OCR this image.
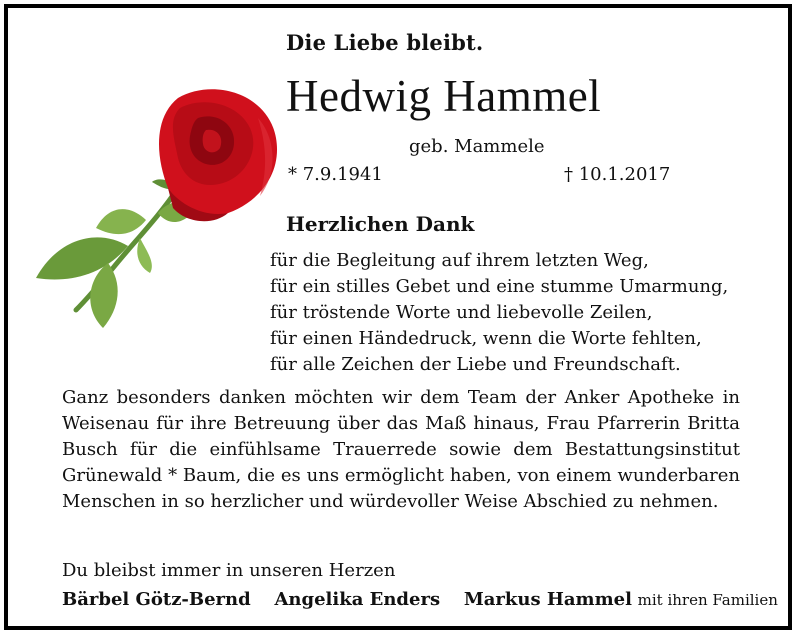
Die Liebe bleibt.
Hedwig Hammel
geb. Mammele
* 7.9.1941	† 10.1.2017
Herzlichen Dank
für die Begleitung auf ihrem letzten Weg,
für ein stilles Gebet und eine stumme Umarmung,
für tröstende Worte und liebevolle Zeilen,
für einen Händedruck, wenn die Worte fehlten,
für alle Zeichen der Liebe und Freundschaft.
Ganz besonders danken möchten wir dem Team der Anker Apotheke in
Weisenau für ihre Betreuung über das Maß hinaus, Frau Pfarrerin Britta
Busch für die einfühlsame Trauerrede sowie dem Bestattungsinstitut
Grünewald * Baum, die es uns ermöglicht haben, von einem wunderbaren
Menschen in so herzlicher und würdevoller Weise Abschied zu nehmen.
Du bleibst immer in unseren Herzen
Bärbel Götz-Bernd Angelika Enders Markus Hammel mit ihren Familien
